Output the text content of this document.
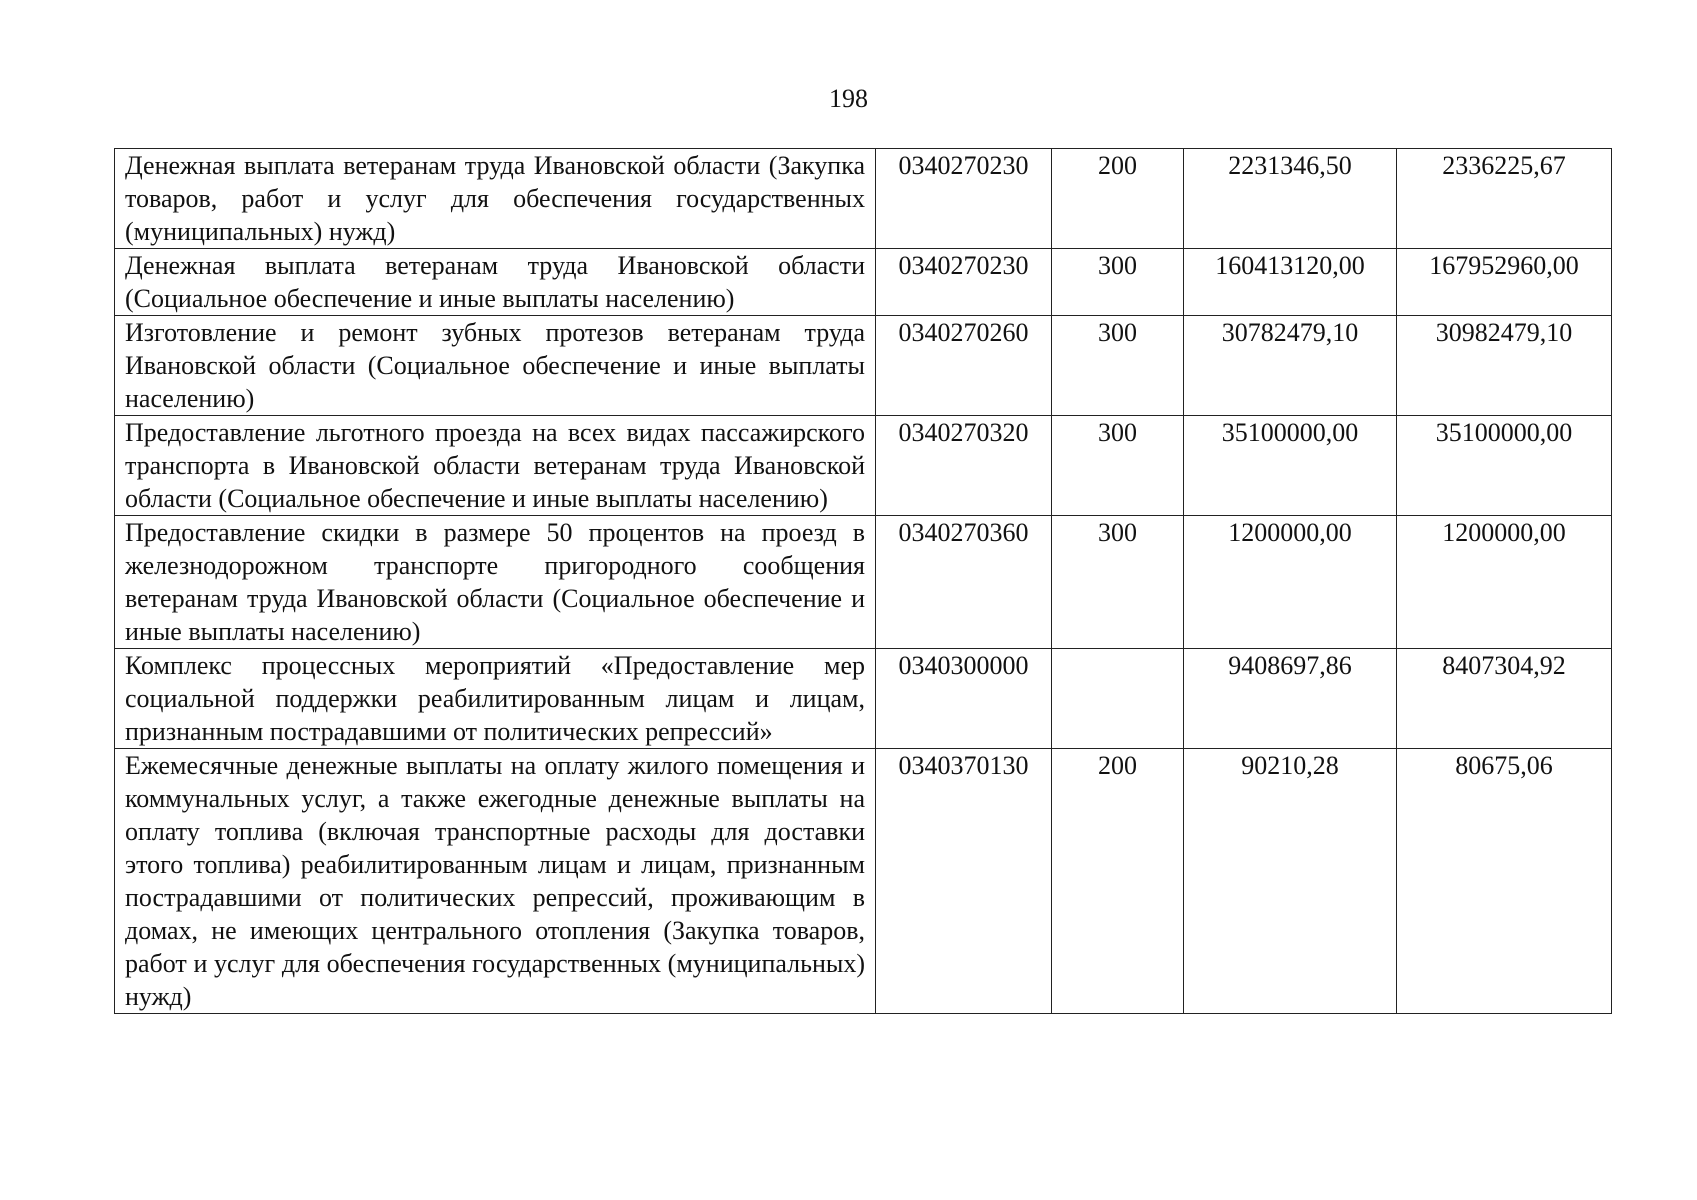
198
Денежная выплата ветеранам труда Ивановской области (Закупка товаров, работ и услуг для обеспечения государственных (муниципальных) нужд)	0340270230	200	2231346,50	2336225,67
Денежная выплата ветеранам труда Ивановской области (Социальное обеспечение и иные выплаты населению)	0340270230	300	160413120,00	167952960,00
Изготовление и ремонт зубных протезов ветеранам труда Ивановской области (Социальное обеспечение и иные выплаты населению)	0340270260	300	30782479,10	30982479,10
Предоставление льготного проезда на всех видах пассажирского транспорта в Ивановской области ветеранам труда Ивановской области (Социальное обеспечение и иные выплаты населению)	0340270320	300	35100000,00	35100000,00
Предоставление скидки в размере 50 процентов на проезд в железнодорожном транспорте пригородного сообщения ветеранам труда Ивановской области (Социальное обеспечение и иные выплаты населению)	0340270360	300	1200000,00	1200000,00
Комплекс процессных мероприятий «Предоставление мер социальной поддержки реабилитированным лицам и лицам, признанным пострадавшими от политических репрессий»	0340300000		9408697,86	8407304,92
Ежемесячные денежные выплаты на оплату жилого помещения и коммунальных услуг, а также ежегодные денежные выплаты на оплату топлива (включая транспортные расходы для доставки этого топлива) реабилитированным лицам и лицам, признанным пострадавшими от политических репрессий, проживающим в домах, не имеющих центрального отопления (Закупка товаров, работ и услуг для обеспечения государственных (муниципальных) нужд)	0340370130	200	90210,28	80675,06
